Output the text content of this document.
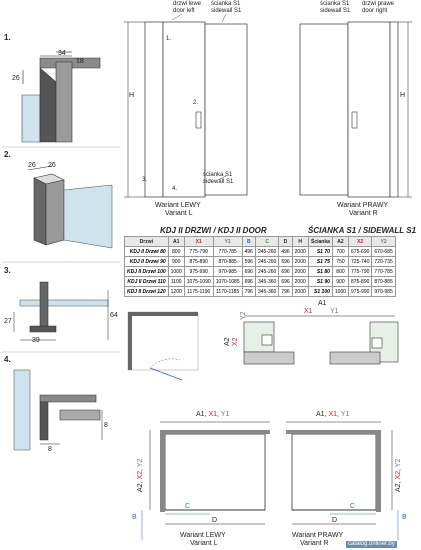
1.
34
18
26
2.
26 26
3.
27
39
64
4.
8
8
drzwi lewe
door left
ścianka S1
sidewall S1
ścianka S1
sidewall S1
H
1.
2.
3.
4.
Wariant LEWY
Variant L
ścianka S1
sidewall S1
drzwi prawe
door right
H
Wariant PRAWY
Variant R
KDJ II DRZWI / KDJ II DOOR
Drzwi	A1	X1	Y1	B	C	D	H
KDJ II Drzwi 80	800	775-790	770-785	496	245-260	496	2000
KDJ II Drzwi 90	900	875-890	870-885	596	245-260	596	2000
KDJ II Drzwi 100	1000	975-990	970-985	696	245-260	696	2000
KDJ II Drzwi 110	1100	1075-1090	1070-1085	696	345-360	696	2000
KDJ II Drzwi 120	1200	1175-1190	1170-1185	796	345-360	796	2000
ŚCIANKA S1 / SIDEWALL S1
Ścianka	A2	X2	Y2
S1 70	700	675-690	670-685
S1 75	750	725-740	720-735
S1 80	800	775-790	770-785
S1 90	900	875-890	870-885
S1 100	1000	975-990	970-985
A1
X1 Y1
A2 X2
Y2
A1, X1, Y1
A2, X2, Y2
B
C
D
Wariant LEWY
Variant L
A1, X1, Y1
A2, X2, Y2
B
C
D
Wariant PRAWY
Variant R	catalog.onliner.by
